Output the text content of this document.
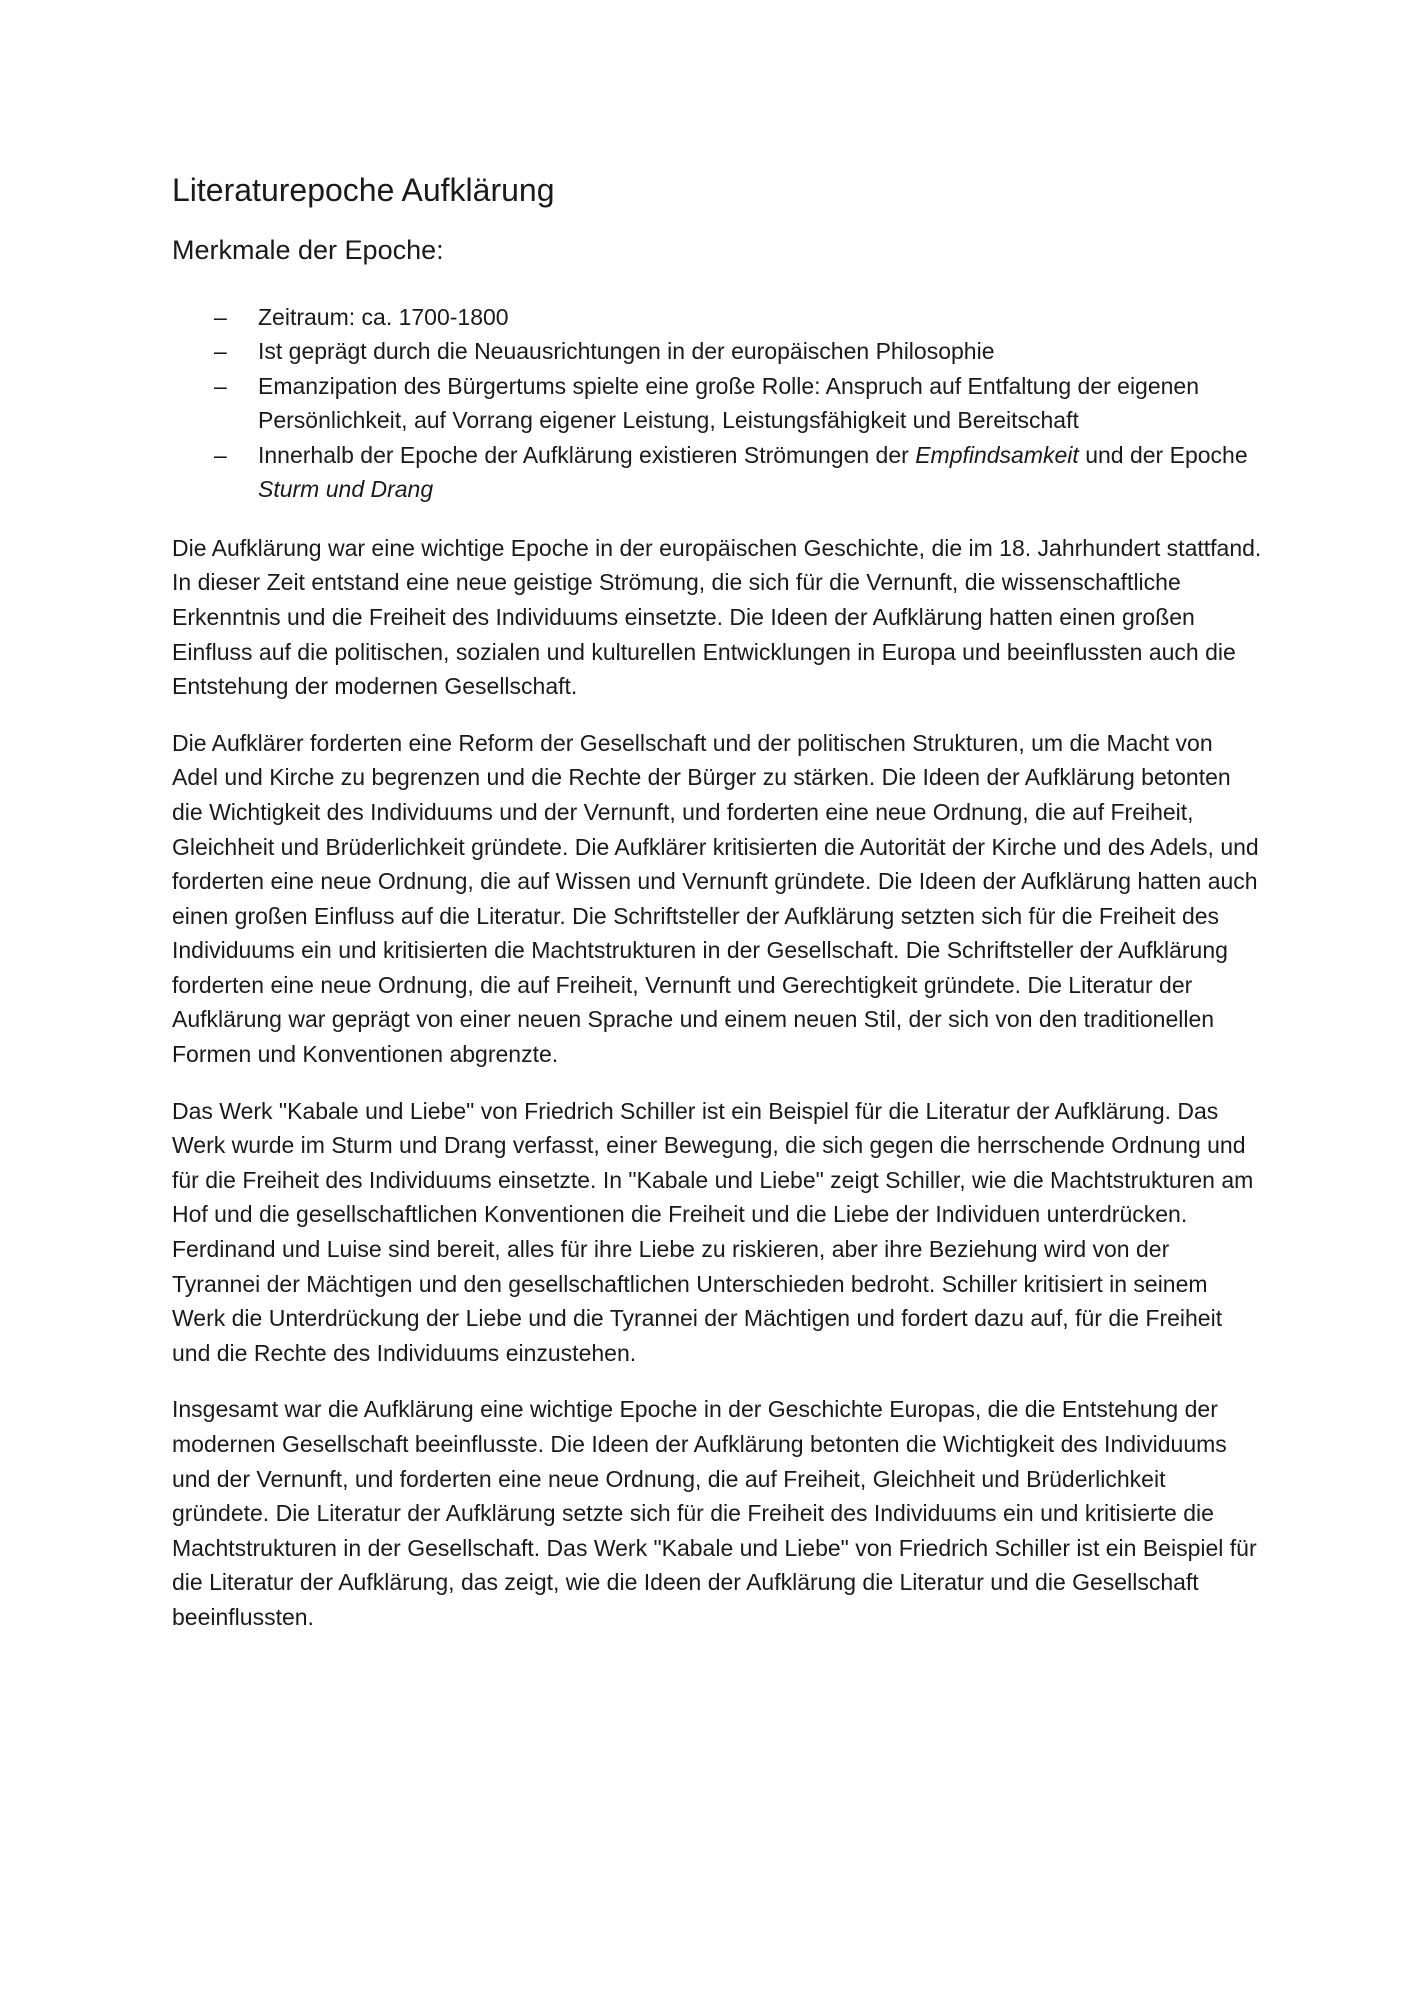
Literaturepoche Aufklärung
Merkmale der Epoche:
– Zeitraum: ca. 1700-1800
– Ist geprägt durch die Neuausrichtungen in der europäischen Philosophie
– Emanzipation des Bürgertums spielte eine große Rolle: Anspruch auf Entfaltung der eigenen Persönlichkeit, auf Vorrang eigener Leistung, Leistungsfähigkeit und Bereitschaft
– Innerhalb der Epoche der Aufklärung existieren Strömungen der Empfindsamkeit und der Epoche Sturm und Drang

Die Aufklärung war eine wichtige Epoche in der europäischen Geschichte, die im 18. Jahrhundert stattfand. In dieser Zeit entstand eine neue geistige Strömung, die sich für die Vernunft, die wissenschaftliche Erkenntnis und die Freiheit des Individuums einsetzte. Die Ideen der Aufklärung hatten einen großen Einfluss auf die politischen, sozialen und kulturellen Entwicklungen in Europa und beeinflussten auch die Entstehung der modernen Gesellschaft.

Die Aufklärer forderten eine Reform der Gesellschaft und der politischen Strukturen, um die Macht von Adel und Kirche zu begrenzen und die Rechte der Bürger zu stärken. Die Ideen der Aufklärung betonten die Wichtigkeit des Individuums und der Vernunft, und forderten eine neue Ordnung, die auf Freiheit, Gleichheit und Brüderlichkeit gründete. Die Aufklärer kritisierten die Autorität der Kirche und des Adels, und forderten eine neue Ordnung, die auf Wissen und Vernunft gründete. Die Ideen der Aufklärung hatten auch einen großen Einfluss auf die Literatur. Die Schriftsteller der Aufklärung setzten sich für die Freiheit des Individuums ein und kritisierten die Machtstrukturen in der Gesellschaft. Die Schriftsteller der Aufklärung forderten eine neue Ordnung, die auf Freiheit, Vernunft und Gerechtigkeit gründete. Die Literatur der Aufklärung war geprägt von einer neuen Sprache und einem neuen Stil, der sich von den traditionellen Formen und Konventionen abgrenzte.

Das Werk "Kabale und Liebe" von Friedrich Schiller ist ein Beispiel für die Literatur der Aufklärung. Das Werk wurde im Sturm und Drang verfasst, einer Bewegung, die sich gegen die herrschende Ordnung und für die Freiheit des Individuums einsetzte. In "Kabale und Liebe" zeigt Schiller, wie die Machtstrukturen am Hof und die gesellschaftlichen Konventionen die Freiheit und die Liebe der Individuen unterdrücken. Ferdinand und Luise sind bereit, alles für ihre Liebe zu riskieren, aber ihre Beziehung wird von der Tyrannei der Mächtigen und den gesellschaftlichen Unterschieden bedroht. Schiller kritisiert in seinem Werk die Unterdrückung der Liebe und die Tyrannei der Mächtigen und fordert dazu auf, für die Freiheit und die Rechte des Individuums einzustehen.

Insgesamt war die Aufklärung eine wichtige Epoche in der Geschichte Europas, die die Entstehung der modernen Gesellschaft beeinflusste. Die Ideen der Aufklärung betonten die Wichtigkeit des Individuums und der Vernunft, und forderten eine neue Ordnung, die auf Freiheit, Gleichheit und Brüderlichkeit gründete. Die Literatur der Aufklärung setzte sich für die Freiheit des Individuums ein und kritisierte die Machtstrukturen in der Gesellschaft. Das Werk "Kabale und Liebe" von Friedrich Schiller ist ein Beispiel für die Literatur der Aufklärung, das zeigt, wie die Ideen der Aufklärung die Literatur und die Gesellschaft beeinflussten.
